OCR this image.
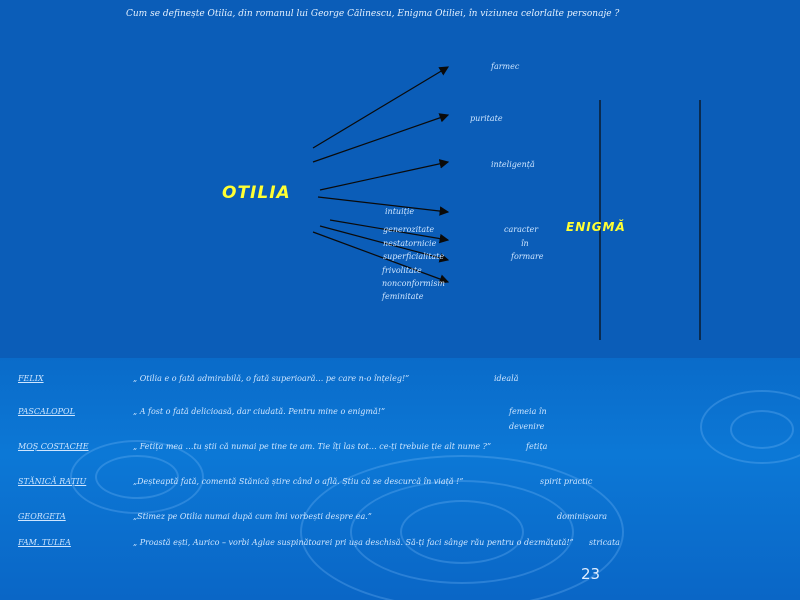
Cum se definește Otilia, din romanul lui George Călinescu, Enigma Otiliei, în viziunea celorlalte personaje ?
OTILIA
farmec
puritate
inteligență
intuiție
generozitate
nestatornicie
superficialitate
frivolitate
nonconformism
feminitate
caracter
în
formare
ENIGMĂ
FELIX	„ Otilia e o fată admirabilă, o fată superioară… pe care n-o înțeleg!”	ideală
PASCALOPOL	„ A fost o fată delicioasă, dar ciudată. Pentru mine o enigmă!”	femeia în
devenire
MOȘ COSTACHE	„ Fetița mea …tu știi că numai pe tine te am. Tie îți las tot… ce-ți trebuie ție alt nume ?”	fetița
STĂNICĂ RAȚIU	„Deșteaptă fată, comentă Stănică știre când o află. Știu că se descurcă în viață !”	spirit practic
GEORGETA	„Stimez pe Otilia numai după cum îmi vorbești despre ea.”	dominișoara
FAM. TULEA	„ Proastă ești, Aurico – vorbi Aglae suspinătoarei pri ușa deschisă. Să-ți faci sânge rău pentru o dezmățată!” stricata
23
